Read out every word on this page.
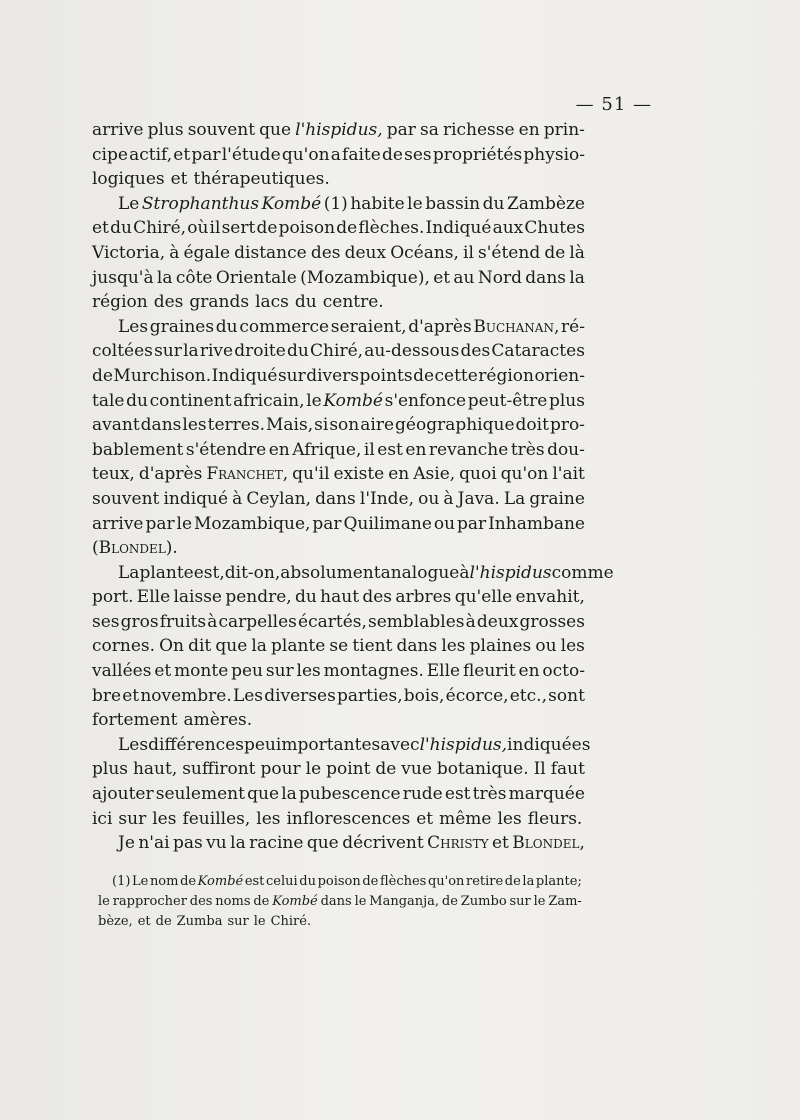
— 51 —
arrive plus souvent que l'hispidus, par sa richesse en prin-
cipe actif, et par l'étude qu'on a faite de ses propriétés physio-
logiques et thérapeutiques.
Le Strophanthus Kombé (1) habite le bassin du Zambèze
et du Chiré, où il sert de poison de flèches. Indiqué aux Chutes
Victoria, à égale distance des deux Océans, il s'étend de là
jusqu'à la côte Orientale (Mozambique), et au Nord dans la
région des grands lacs du centre.
Les graines du commerce seraient, d'après Buchanan, ré-
coltées sur la rive droite du Chiré, au-dessous des Cataractes
de Murchison. Indiqué sur divers points de cette région orien-
tale du continent africain, le Kombé s'enfonce peut-être plus
avant dans les terres. Mais, si son aire géographique doit pro-
bablement s'étendre en Afrique, il est en revanche très dou-
teux, d'après Franchet, qu'il existe en Asie, quoi qu'on l'ait
souvent indiqué à Ceylan, dans l'Inde, ou à Java. La graine
arrive par le Mozambique, par Quilimane ou par Inhambane
(Blondel).
La plante est, dit-on, absolument analogue à l'hispidus comme
port. Elle laisse pendre, du haut des arbres qu'elle envahit,
ses gros fruits à carpelles écartés, semblables à deux grosses
cornes. On dit que la plante se tient dans les plaines ou les
vallées et monte peu sur les montagnes. Elle fleurit en octo-
bre et novembre. Les diverses parties, bois, écorce, etc., sont
fortement amères.
Les différences peu importantes avec l'hispidus, indiquées
plus haut, suffiront pour le point de vue botanique. Il faut
ajouter seulement que la pubescence rude est très marquée
ici sur les feuilles, les inflorescences et même les fleurs.
Je n'ai pas vu la racine que décrivent Christy et Blondel,
(1) Le nom de Kombé est celui du poison de flèches qu'on retire de la plante;
le rapprocher des noms de Kombé dans le Manganja, de Zumbo sur le Zam-
bèze, et de Zumba sur le Chiré.
